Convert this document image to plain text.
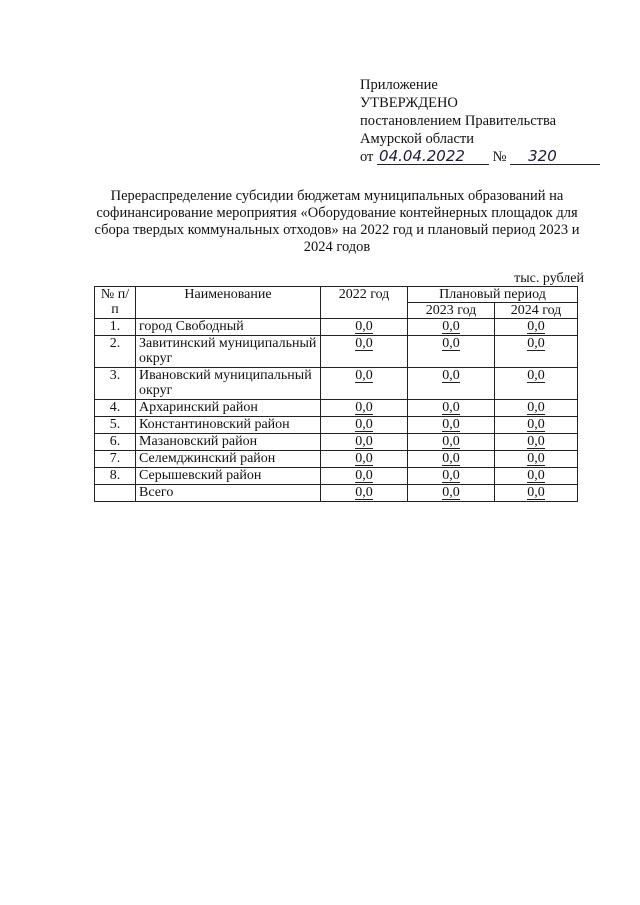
Приложение
УТВЕРЖДЕНО
постановлением Правительства
Амурской области
от 04.04.2022 № 320
Перераспределение субсидии бюджетам муниципальных образований на софинансирование мероприятия «Оборудование контейнерных площадок для сбора твердых коммунальных отходов» на 2022 год и плановый период 2023 и 2024 годов
тыс. рублей
№ п/п	Наименование	2022 год	Плановый период	
			2023 год	2024 год
1.	город Свободный	0,0	0,0	0,0
2.	Завитинский муниципальный округ	0,0	0,0	0,0
3.	Ивановский муниципальный округ	0,0	0,0	0,0
4.	Архаринский район	0,0	0,0	0,0
5.	Константиновский район	0,0	0,0	0,0
6.	Мазановский район	0,0	0,0	0,0
7.	Селемджинский район	0,0	0,0	0,0
8.	Серышевский район	0,0	0,0	0,0
	Всего	0,0	0,0	0,0
